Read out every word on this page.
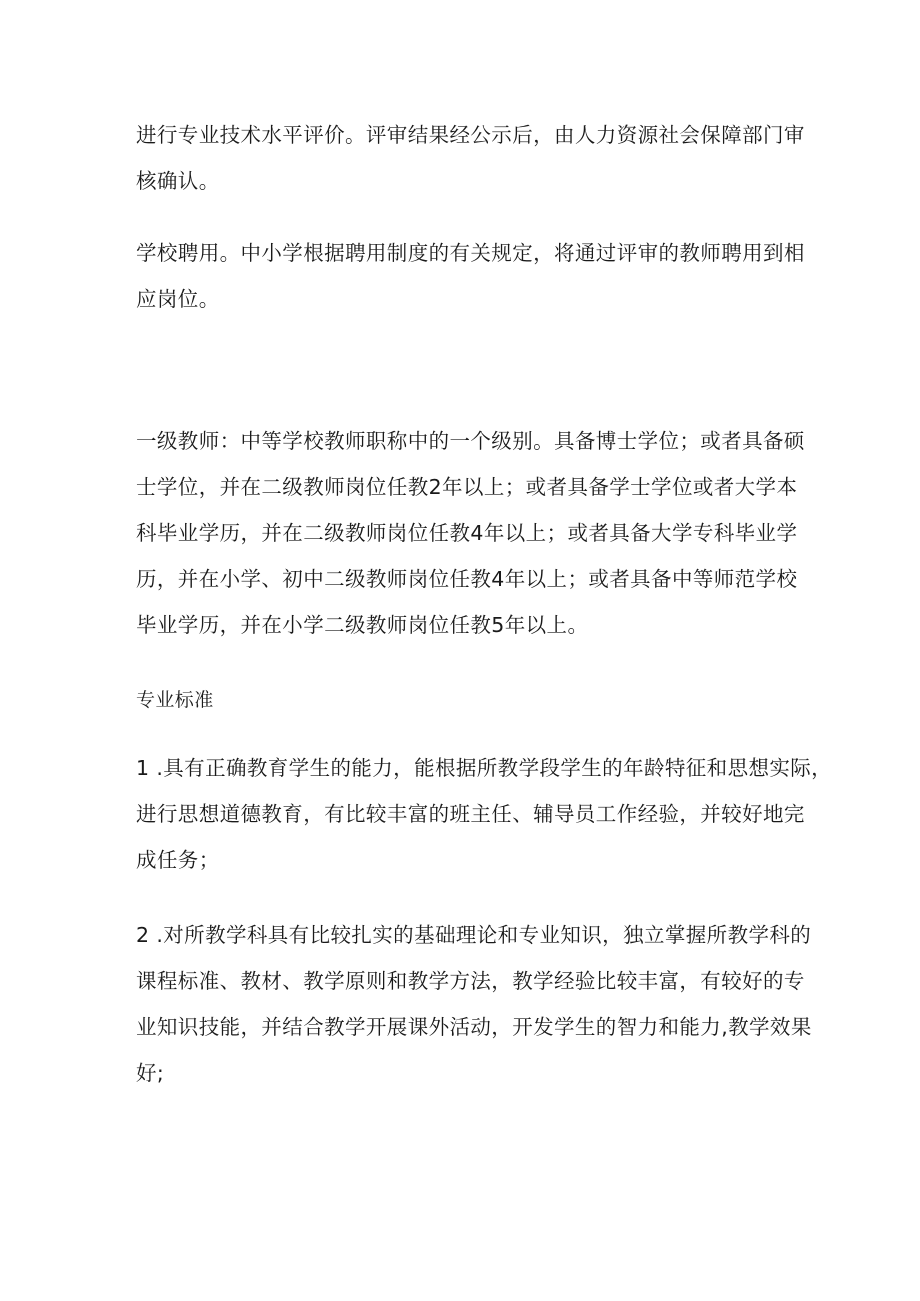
进行专业技术水平评价。评审结果经公示后，由人力资源社会保障部门审
核确认。

学校聘用。中小学根据聘用制度的有关规定，将通过评审的教师聘用到相
应岗位。

一级教师：中等学校教师职称中的一个级别。具备博士学位；或者具备硕
士学位，并在二级教师岗位任教2年以上；或者具备学士学位或者大学本
科毕业学历，并在二级教师岗位任教4年以上；或者具备大学专科毕业学
历，并在小学、初中二级教师岗位任教4年以上；或者具备中等师范学校
毕业学历，并在小学二级教师岗位任教5年以上。

专业标准

1 .具有正确教育学生的能力，能根据所教学段学生的年龄特征和思想实际，
进行思想道德教育，有比较丰富的班主任、辅导员工作经验，并较好地完
成任务；

2 .对所教学科具有比较扎实的基础理论和专业知识，独立掌握所教学科的
课程标准、教材、教学原则和教学方法，教学经验比较丰富，有较好的专
业知识技能，并结合教学开展课外活动，开发学生的智力和能力,教学效果
好;
